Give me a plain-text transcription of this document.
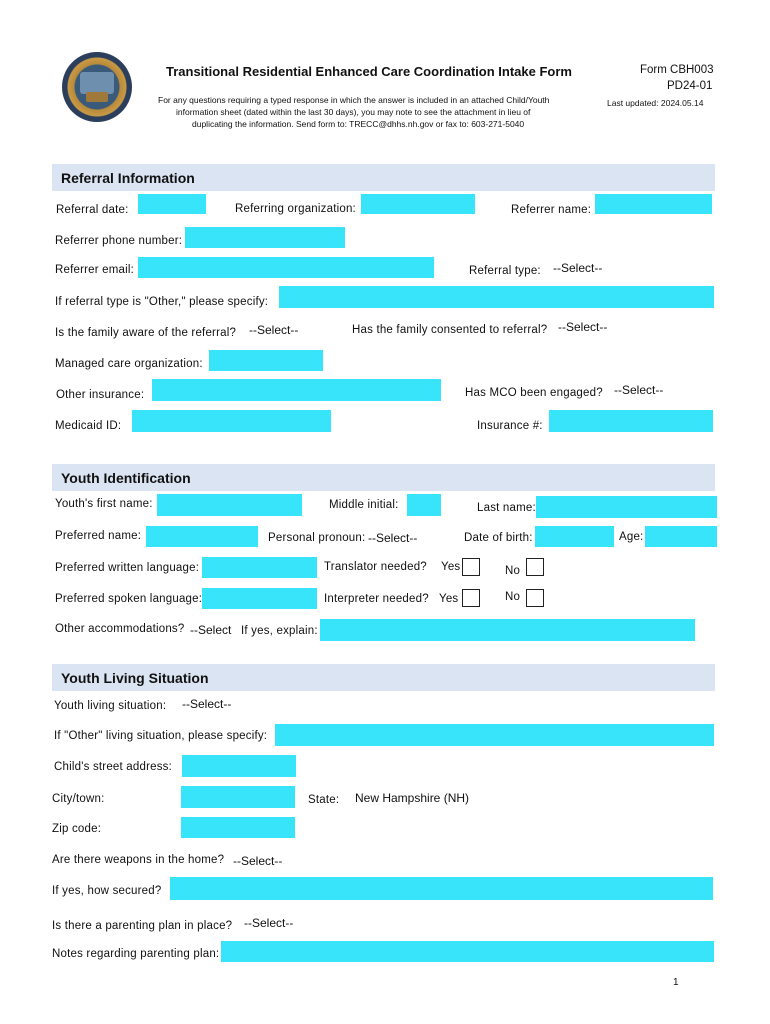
Transitional Residential Enhanced Care Coordination Intake Form
For any questions requiring a typed response in which the answer is included in an attached Child/Youth
information sheet (dated within the last 30 days), you may note to see the attachment in lieu of
duplicating the information. Send form to: TRECC@dhhs.nh.gov or fax to: 603-271-5040
Form CBH003
PD24-01
Last updated: 2024.05.14
Referral Information
Referral date:	Referring organization:	Referrer name:
Referrer phone number:
Referrer email:	Referral type: --Select--
If referral type is "Other," please specify:
Is the family aware of the referral? --Select--	Has the family consented to referral? --Select--
Managed care organization:
Other insurance:	Has MCO been engaged? --Select--
Medicaid ID:	Insurance #:
Youth Identification
Youth's first name:	Middle initial:	Last name:
Preferred name:	Personal pronoun: --Select--	Date of birth:	Age:
Preferred written language:	Translator needed? Yes	No
Preferred spoken language:	Interpreter needed? Yes	No
Other accommodations? --Select If yes, explain:
Youth Living Situation
Youth living situation: --Select--
If "Other" living situation, please specify:
Child's street address:
City/town:	State: New Hampshire (NH)
Zip code:
Are there weapons in the home? --Select--
If yes, how secured?
Is there a parenting plan in place? --Select--
Notes regarding parenting plan:
1
